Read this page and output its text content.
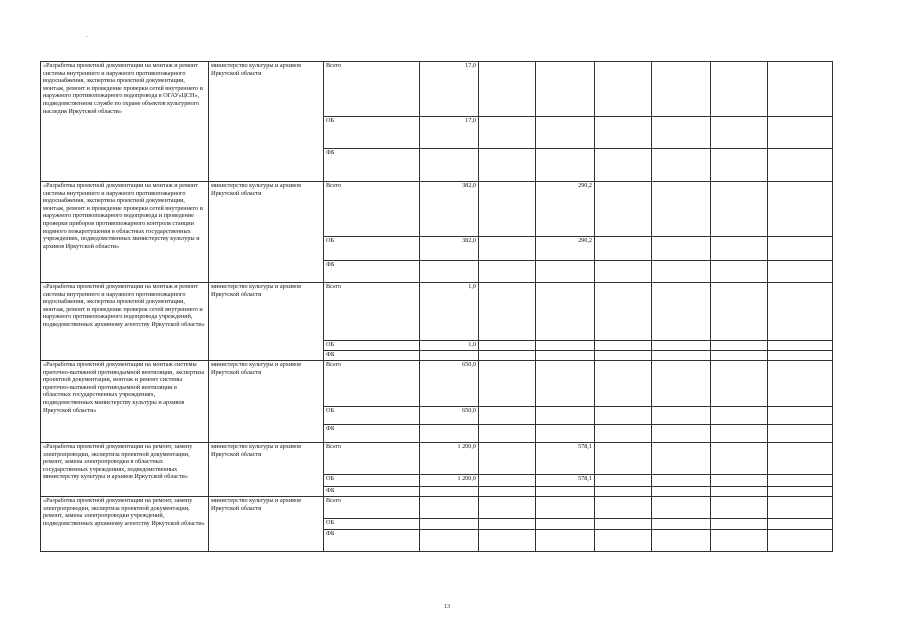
«Разработка проектной документации на монтаж и ремонт системы внутреннего и наружного противопожарного водоснабжения, экспертиза проектной документации, монтаж, ремонт и проведение проверки сетей внутреннего и наружного противопожарного водопровода в ОГАУ«ЦСН», подведомственном службе по охране объектов культурного наследия Иркутской области»	министерство культуры и архивов Иркутской области	Всего	17,0						
		ОБ	17,0						
		ФБ							
«Разработка проектной документации на монтаж и ремонт системы внутреннего и наружного противопожарного водоснабжения, экспертиза проектной документации, монтаж, ремонт и проведение проверки сетей внутреннего и наружного противопожарного водопровода и проведение проверки приборов противопожарного контроля станции водяного пожаротушения в областных государственных учреждениях, подведомственных министерству культуры и архивов Иркутской области»	министерство культуры и архивов Иркутской области	Всего	382,0		290,2				
		ОБ	382,0		290,2				
		ФБ							
«Разработка проектной документации на монтаж и ремонт системы внутреннего и наружного противопожарного водоснабжения, экспертиза проектной документации, монтаж, ремонт и проведение проверок сетей внутреннего и наружного противопожарного водопровода учреждений, подведомственных архивному агентству Иркутской области»	министерство культуры и архивов Иркутской области	Всего	1,0						
		ОБ	1,0						
		ФБ							
«Разработка проектной документации на монтаж системы приточно-вытяжной противодымной вентиляции, экспертиза проектной документации, монтаж и ремонт системы приточно-вытяжной противодымной вентиляции в областных государственных учреждениях, подведомственных министерству культуры и архивов Иркутской области»	министерство культуры и архивов Иркутской области	Всего	650,0						
		ОБ	650,0						
		ФБ							
«Разработка проектной документации на ремонт, замену электропроводки, экспертиза проектной документации, ремонт, замена электропроводки в областных государственных учреждениях, подведомственных министерству культуры и архивов Иркутской области»	министерство культуры и архивов Иркутской области	Всего	1 200,0		578,1				
		ОБ	1 200,0		578,1				
		ФБ							
«Разработка проектной документации на ремонт, замену электропроводки, экспертиза проектной документации, ремонт, замена электропроводки учреждений, подведомственных архивному агентству Иркутской области»	министерство культуры и архивов Иркутской области	Всего							
		ОБ							
		ФБ							
13
